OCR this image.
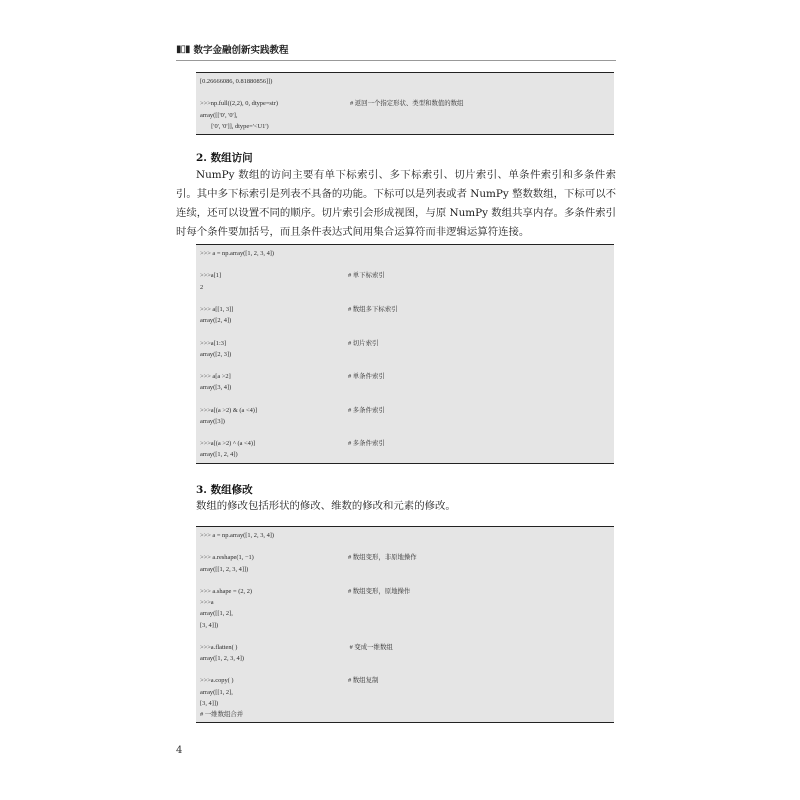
▮▯▮ 数字金融创新实践教程
[0.26666086, 0.81880856]])
>>>np.full((2,2), 0, dtype=str)	# 返回一个指定形状、类型和数值的数组
array([['0', '0'],
['0', '0']], dtype='<U1')
2. 数组访问
NumPy 数组的访问主要有单下标索引、多下标索引、切片索引、单条件索引和多条件索引。其中多下标索引是列表不具备的功能。下标可以是列表或者 NumPy 整数数组，下标可以不连续，还可以设置不同的顺序。切片索引会形成视图，与原 NumPy 数组共享内存。多条件索引时每个条件要加括号，而且条件表达式间用集合运算符而非逻辑运算符连接。
>>> a = np.array([1, 2, 3, 4])
>>>a[1]	# 单下标索引
2
>>> a[[1, 3]]	# 数组多下标索引
array([2, 4])
>>>a[1:3]	# 切片索引
array([2, 3])
>>> a[a >2]	# 单条件索引
array([3, 4])
>>>a[(a >2) & (a <4)]	# 多条件索引
array([3])
>>>a[(a >2) ^ (a <4)]	# 多条件索引
array([1, 2, 4])
3. 数组修改
数组的修改包括形状的修改、维数的修改和元素的修改。
>>> a = np.array([1, 2, 3, 4])
>>> a.reshape(1, −1)	# 数组变形，非原地操作
array([[1, 2, 3, 4]])
>>> a.shape = (2, 2)	# 数组变形，原地操作
>>>a
array([[1, 2],
[3, 4]])
>>>a.flatten( )	# 变成一维数组
array([1, 2, 3, 4])
>>>a.copy( )	# 数组复制
array([[1, 2],
[3, 4]])
# 一维数组合并
4
